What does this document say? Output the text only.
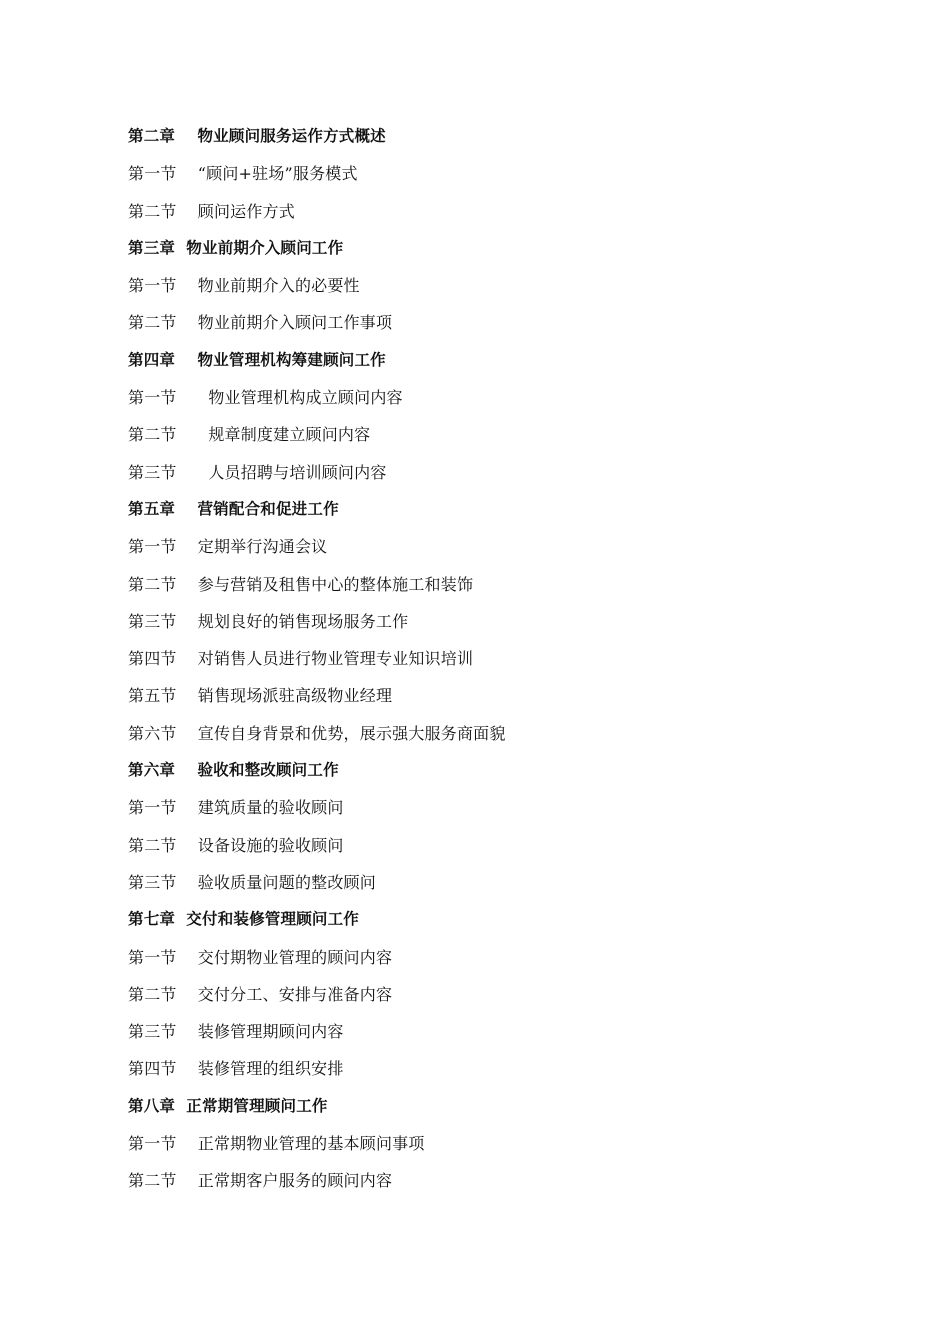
第二章    物业顾问服务运作方式概述
第一节    “顾问+驻场”服务模式
第二节    顾问运作方式
第三章  物业前期介入顾问工作
第一节    物业前期介入的必要性
第二节    物业前期介入顾问工作事项
第四章    物业管理机构筹建顾问工作
第一节      物业管理机构成立顾问内容
第二节      规章制度建立顾问内容
第三节      人员招聘与培训顾问内容
第五章    营销配合和促进工作
第一节    定期举行沟通会议
第二节    参与营销及租售中心的整体施工和装饰
第三节    规划良好的销售现场服务工作
第四节    对销售人员进行物业管理专业知识培训
第五节    销售现场派驻高级物业经理
第六节    宣传自身背景和优势，展示强大服务商面貌
第六章    验收和整改顾问工作
第一节    建筑质量的验收顾问
第二节    设备设施的验收顾问
第三节    验收质量问题的整改顾问
第七章  交付和装修管理顾问工作
第一节    交付期物业管理的顾问内容
第二节    交付分工、安排与准备内容
第三节    装修管理期顾问内容
第四节    装修管理的组织安排
第八章  正常期管理顾问工作
第一节    正常期物业管理的基本顾问事项
第二节    正常期客户服务的顾问内容
